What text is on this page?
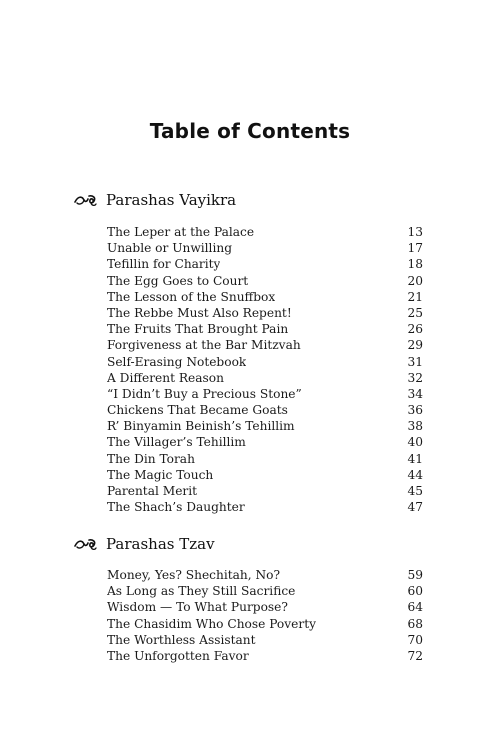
Table of Contents
Parashas Vayikra
The Leper at the Palace	13
Unable or Unwilling	17
Tefillin for Charity	18
The Egg Goes to Court	20
The Lesson of the Snuffbox	21
The Rebbe Must Also Repent!	25
The Fruits That Brought Pain	26
Forgiveness at the Bar Mitzvah	29
Self-Erasing Notebook	31
A Different Reason	32
“I Didn’t Buy a Precious Stone”	34
Chickens That Became Goats	36
R’ Binyamin Beinish’s Tehillim	38
The Villager’s Tehillim	40
The Din Torah	41
The Magic Touch	44
Parental Merit	45
The Shach’s Daughter	47
Parashas Tzav
Money, Yes? Shechitah, No?	59
As Long as They Still Sacrifice	60
Wisdom — To What Purpose?	64
The Chasidim Who Chose Poverty	68
The Worthless Assistant	70
The Unforgotten Favor	72
